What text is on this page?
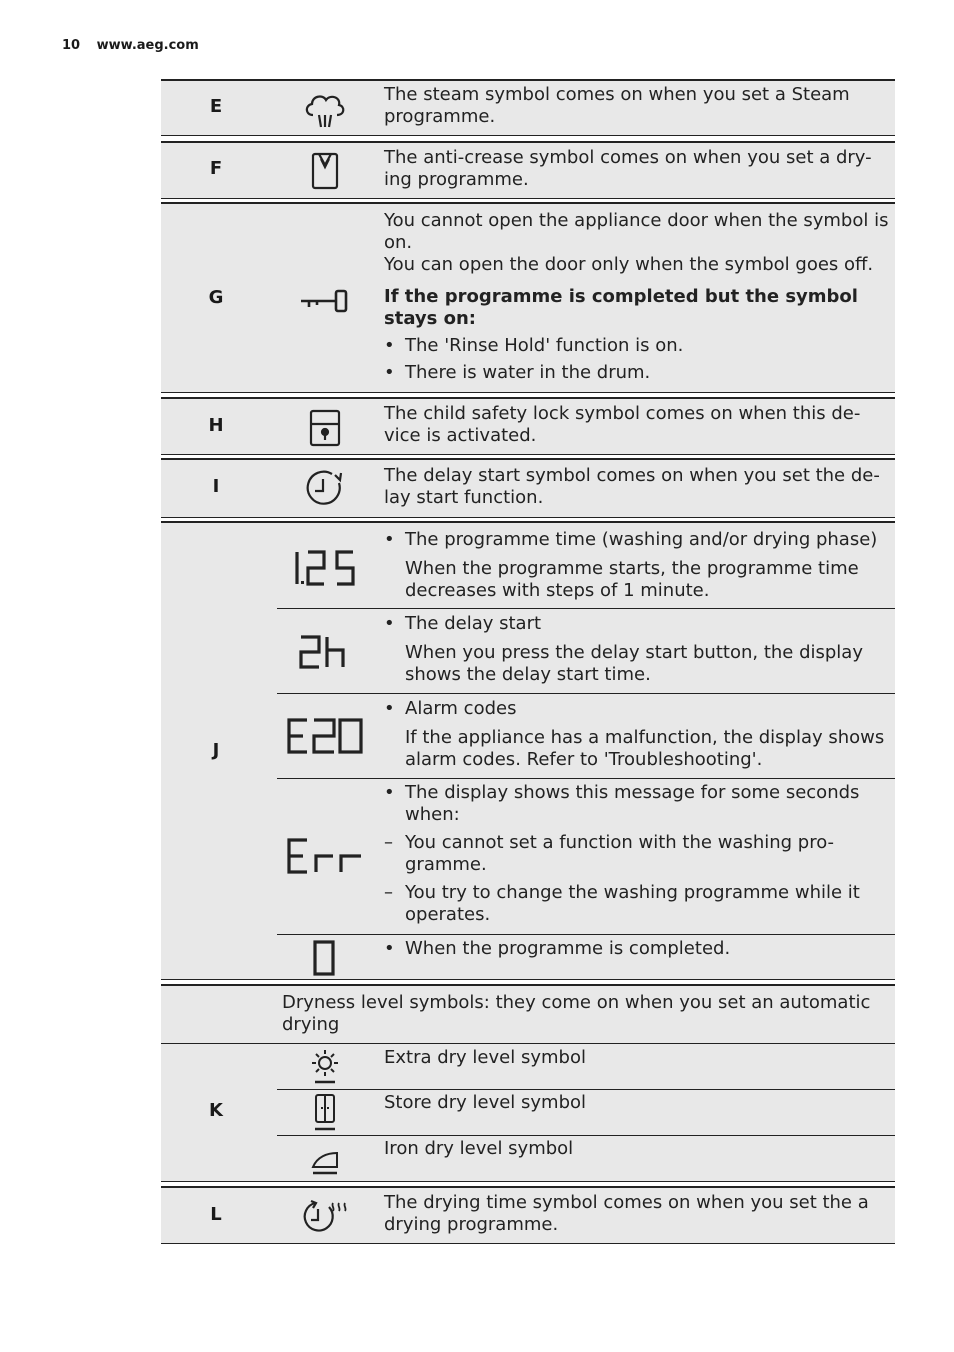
10 www.aeg.com
E
The steam symbol comes on when you set a Steam programme.
F

The anti-crease symbol comes on when you set a dry-

ing programme.

G

You cannot open the appliance door when the symbol is on.

You can open the door only when the symbol goes off.

If the programme is completed but the symbol stays on:

• The 'Rinse Hold' function is on.
• There is water in the drum.
H

The child safety lock symbol comes on when this de-

vice is activated.

I

The delay start symbol comes on when you set the de-

lay start function.

J
• The programme time (washing and/or drying phase)

When the programme starts, the programme time decreases with steps of 1 minute.

• The delay start

When you press the delay start button, the display shows the delay start time.

• Alarm codes

If the appliance has a malfunction, the display shows alarm codes. Refer to 'Troubleshooting'.

• The display shows this message for some seconds when:
– You cannot set a function with the washing pro-
gramme.
– You try to change the washing programme while it operates.
• When the programme is completed.
Dryness level symbols: they come on when you set an automatic drying
K
Extra dry level symbol
Store dry level symbol
Iron dry level symbol
L

The drying time symbol comes on when you set the a

drying programme.
